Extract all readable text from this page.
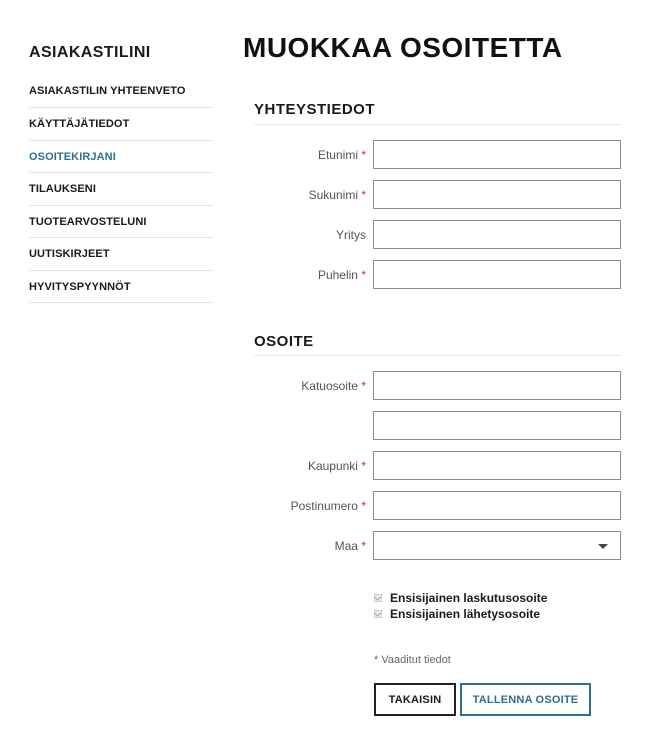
ASIAKASTILINI
ASIAKASTILIN YHTEENVETO
KÄYTTÄJÄTIEDOT
OSOITEKIRJANI
TILAUKSENI
TUOTEARVOSTELUNI
UUTISKIRJEET
HYVITYSPYYNNÖT
MUOKKAA OSOITETTA
YHTEYSTIEDOT
Etunimi *
Sukunimi *
Yritys
Puhelin *
OSOITE
Katuosoite *
Kaupunki *
Postinumero *
Maa *
Ensisijainen laskutusosoite
Ensisijainen lähetysosoite
* Vaaditut tiedot
TAKAISIN	TALLENNA OSOITE
